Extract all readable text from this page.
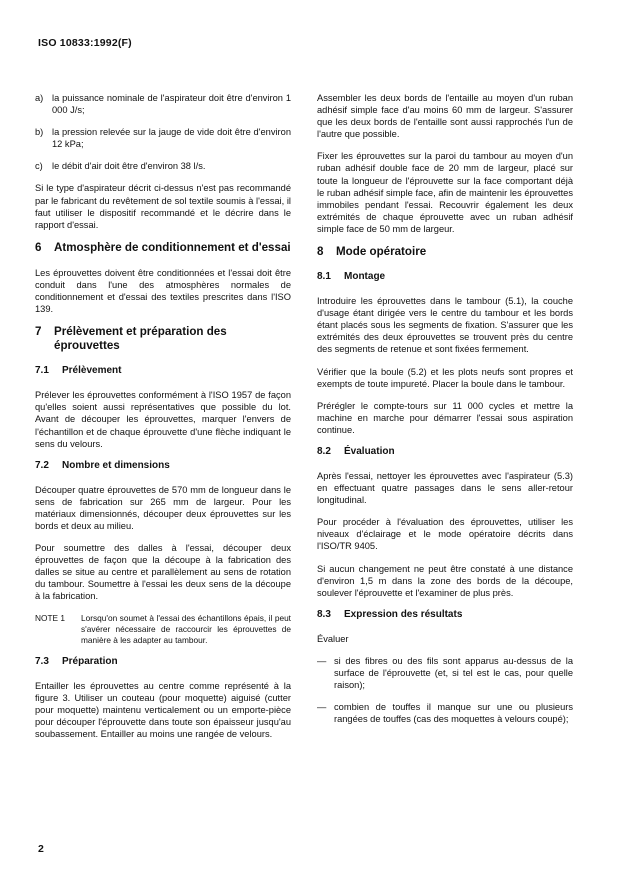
ISO 10833:1992(F)
a) la puissance nominale de l'aspirateur doit être d'environ 1 000 J/s;
b) la pression relevée sur la jauge de vide doit être d'environ 12 kPa;
c) le débit d'air doit être d'environ 38 l/s.

Si le type d'aspirateur décrit ci-dessus n'est pas recommandé par le fabricant du revêtement de sol textile soumis à l'essai, il faut utiliser le dispositif recommandé et le décrire dans le rapport d'essai.

6	Atmosphère de conditionnement et d'essai

Les éprouvettes doivent être conditionnées et l'essai doit être conduit dans l'une des atmosphères normales de conditionnement et d'essai des textiles prescrites dans l'ISO 139.

7	Prélèvement et préparation des éprouvettes
7.1	Prélèvement

Prélever les éprouvettes conformément à l'ISO 1957 de façon qu'elles soient aussi représentatives que possible du lot. Avant de découper les éprouvettes, marquer l'envers de l'échantillon et de chaque éprouvette d'une flèche indiquant le sens du velours.

7.2	Nombre et dimensions

Découper quatre éprouvettes de 570 mm de longueur dans le sens de fabrication sur 265 mm de largeur. Pour les matériaux dimensionnés, découper deux éprouvettes sur les bords et deux au milieu.

Pour soumettre des dalles à l'essai, découper deux éprouvettes de façon que la découpe à la fabrication des dalles se situe au centre et parallèlement au sens de rotation du tambour. Soumettre à l'essai les deux sens de la découpe à la fabrication.

NOTE 1	Lorsqu'on soumet à l'essai des échantillons épais, il peut s'avérer nécessaire de raccourcir les éprouvettes de manière à les adapter au tambour.
7.3	Préparation

Entailler les éprouvettes au centre comme représenté à la figure 3. Utiliser un couteau (pour moquette) aiguisé (cutter pour moquette) maintenu verticalement ou un emporte-pièce pour découper l'éprouvette dans toute son épaisseur jusqu'au soubassement. Entailler au moins une rangée de velours.

Assembler les deux bords de l'entaille au moyen d'un ruban adhésif simple face d'au moins 60 mm de largeur. S'assurer que les deux bords de l'entaille sont aussi rapprochés l'un de l'autre que possible.

Fixer les éprouvettes sur la paroi du tambour au moyen d'un ruban adhésif double face de 20 mm de largeur, placé sur toute la longueur de l'éprouvette sur la face comportant déjà le ruban adhésif simple face, afin de maintenir les éprouvettes immobiles pendant l'essai. Recouvrir également les deux extrémités de chaque éprouvette avec un ruban adhésif simple face de 50 mm de largeur.

8	Mode opératoire
8.1	Montage

Introduire les éprouvettes dans le tambour (5.1), la couche d'usage étant dirigée vers le centre du tambour et les bords étant placés sous les segments de fixation. S'assurer que les extrémités des deux éprouvettes se trouvent près du centre des segments de retenue et sont fixées fermement.

Vérifier que la boule (5.2) et les plots neufs sont propres et exempts de toute impureté. Placer la boule dans le tambour.

Prérégler le compte-tours sur 11 000 cycles et mettre la machine en marche pour démarrer l'essai sous aspiration continue.

8.2	Évaluation

Après l'essai, nettoyer les éprouvettes avec l'aspirateur (5.3) en effectuant quatre passages dans le sens aller-retour longitudinal.

Pour procéder à l'évaluation des éprouvettes, utiliser les niveaux d'éclairage et le mode opératoire décrits dans l'ISO/TR 9405.

Si aucun changement ne peut être constaté à une distance d'environ 1,5 m dans la zone des bords de la découpe, soulever l'éprouvette et l'examiner de plus près.

8.3	Expression des résultats

Évaluer

— si des fibres ou des fils sont apparus au-dessus de la surface de l'éprouvette (et, si tel est le cas, pour quelle raison);
— combien de touffes il manque sur une ou plusieurs rangées de touffes (cas des moquettes à velours coupé);
2
